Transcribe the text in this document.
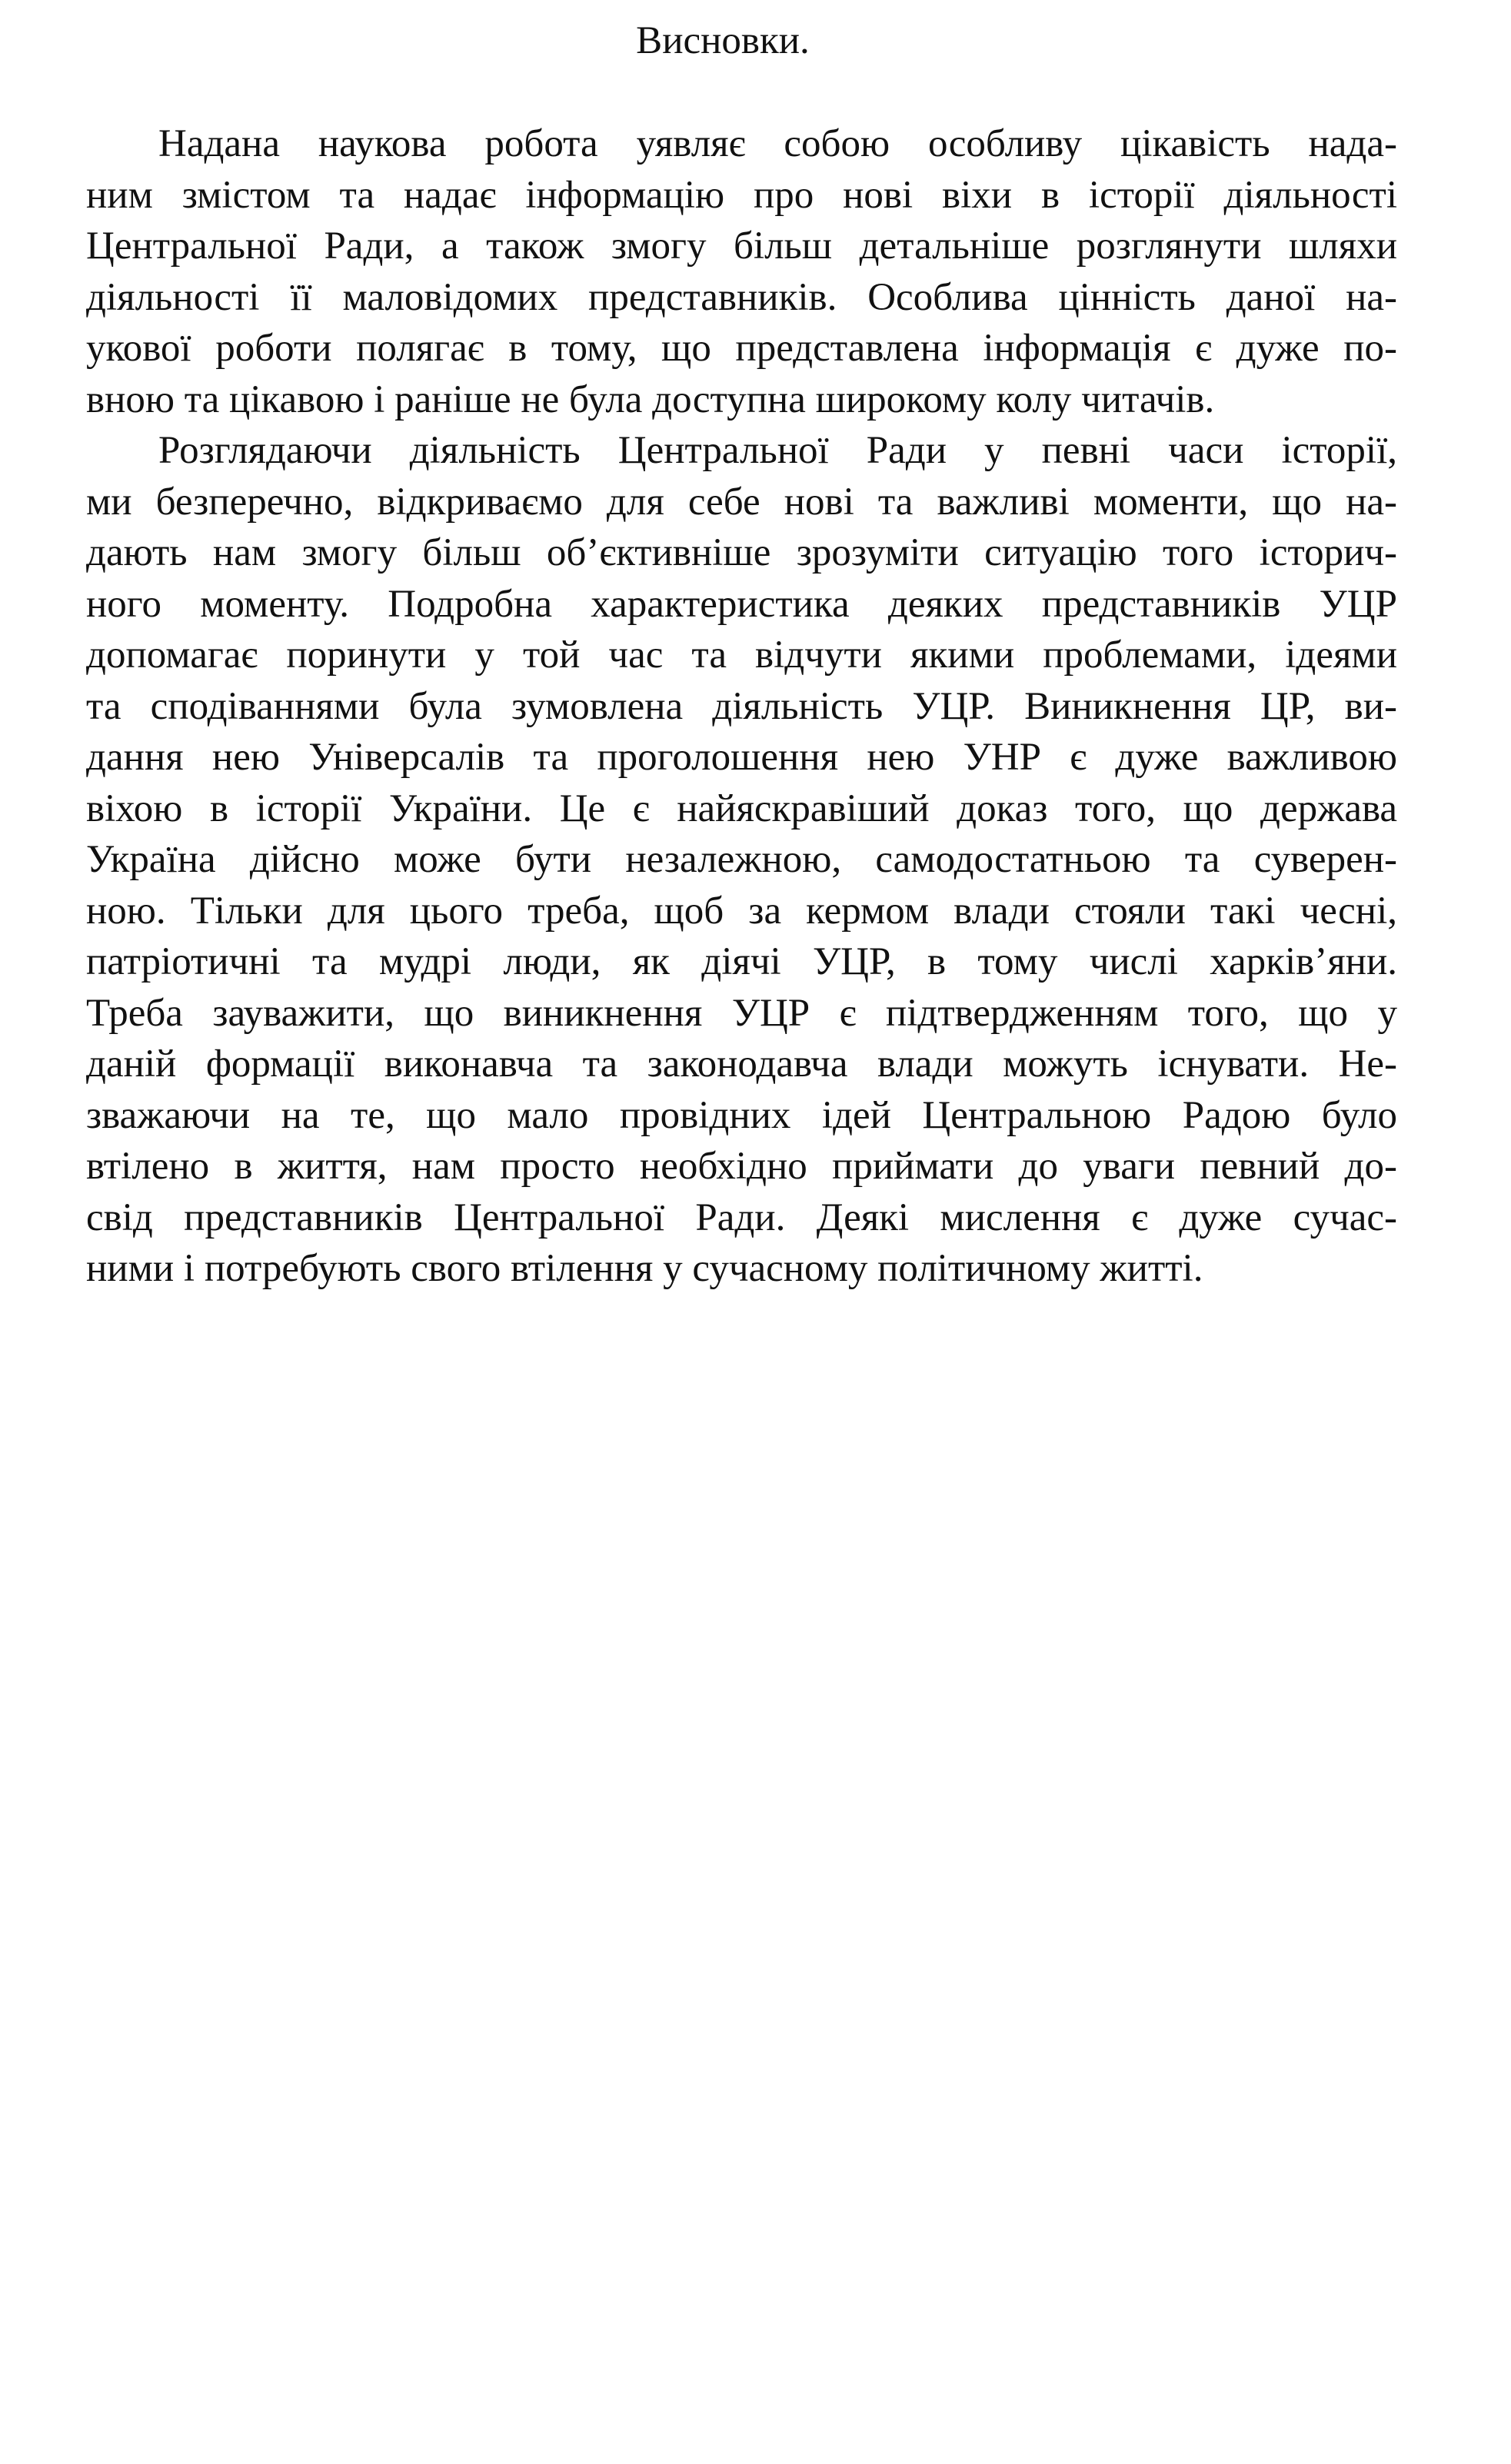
Висновки.

Надана наукова робота уявляє собою особливу цікавість нада-
ним змістом та надає інформацію про нові віхи в історії діяльності
Центральної Ради, а також змогу більш детальніше розглянути шляхи
діяльності її маловідомих представників. Особлива цінність даної на-
укової роботи полягає в тому, що представлена інформація є дуже по-
вною та цікавою і раніше не була доступна широкому колу читачів.

Розглядаючи діяльність Центральної Ради у певні часи історії,
ми безперечно, відкриваємо для себе нові та важливі моменти, що на-
дають нам змогу більш об’єктивніше зрозуміти ситуацію того історич-
ного моменту. Подробна характеристика деяких представників УЦР
допомагає поринути у той час та відчути якими проблемами, ідеями
та сподіваннями була зумовлена діяльність УЦР. Виникнення ЦР, ви-
дання нею Універсалів та проголошення нею УНР є дуже важливою
віхою в історії України. Це є найяскравіший доказ того, що держава
Україна дійсно може бути незалежною, самодостатньою та суверен-
ною. Тільки для цього треба, щоб за кермом влади стояли такі чесні,
патріотичні та мудрі люди, як діячі УЦР, в тому числі харків’яни.
Треба зауважити, що виникнення УЦР є підтвердженням того, що у
даній формації виконавча та законодавча влади можуть існувати. Не-
зважаючи на те, що мало провідних ідей Центральною Радою було
втілено в життя, нам просто необхідно приймати до уваги певний до-
свід представників Центральної Ради. Деякі мислення є дуже сучас-
ними і потребують свого втілення у сучасному політичному житті.
